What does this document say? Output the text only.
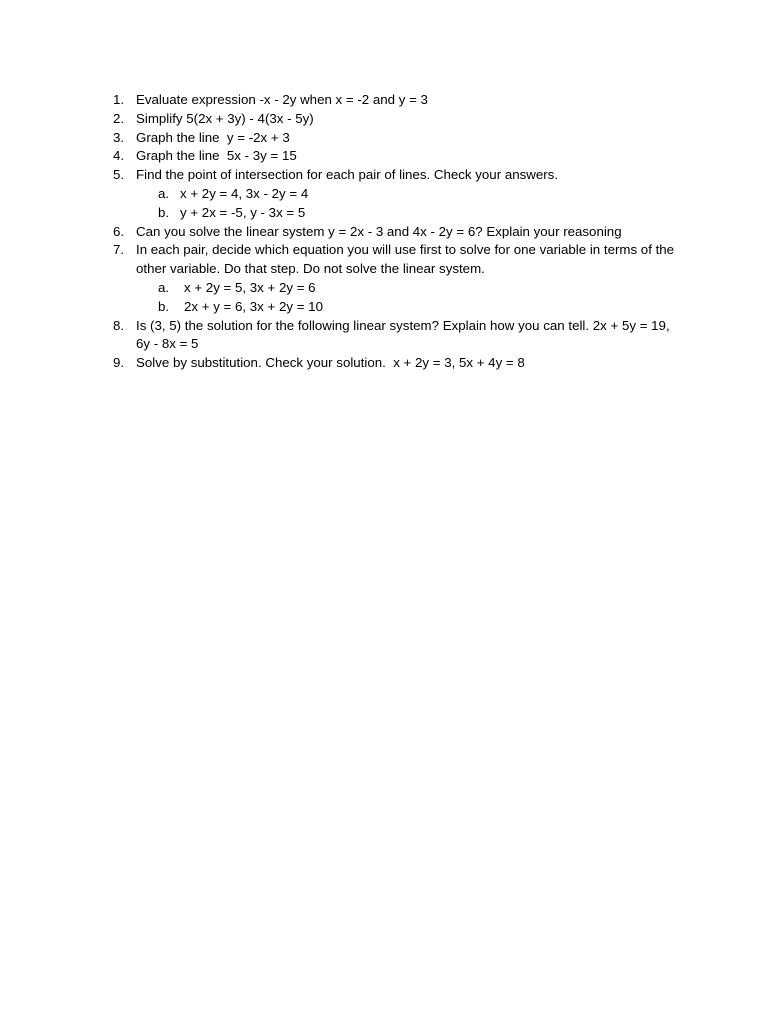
1. Evaluate expression -x - 2y when x = -2 and y = 3
2. Simplify 5(2x + 3y) - 4(3x - 5y)
3. Graph the line  y = -2x + 3
4. Graph the line  5x - 3y = 15
5. Find the point of intersection for each pair of lines. Check your answers.
a. x + 2y = 4, 3x - 2y = 4
b. y + 2x = -5, y - 3x = 5
6. Can you solve the linear system y = 2x - 3 and 4x - 2y = 6? Explain your reasoning
7. In each pair, decide which equation you will use first to solve for one variable in terms of the other variable. Do that step. Do not solve the linear system.
a.	x + 2y = 5, 3x + 2y = 6
b.	2x + y = 6, 3x + 2y = 10
8. Is (3, 5) the solution for the following linear system? Explain how you can tell. 2x + 5y = 19, 6y - 8x = 5
9. Solve by substitution. Check your solution.  x + 2y = 3, 5x + 4y = 8
